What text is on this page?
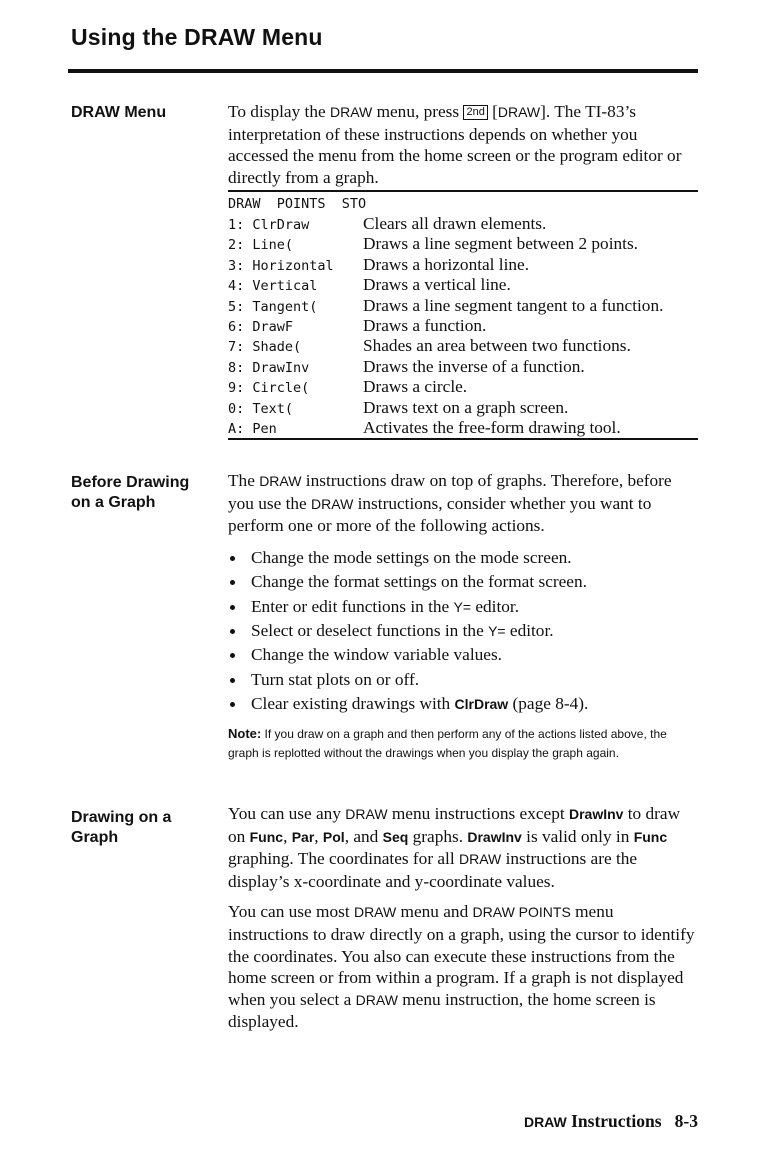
Using the DRAW Menu
DRAW Menu	To display the DRAW menu, press 2nd [DRAW]. The TI-83’s interpretation of these instructions depends on whether you accessed the menu from the home screen or the program editor or directly from a graph.

DRAW  POINTS  STO
1: ClrDraw	Clears all drawn elements.
2: Line(	Draws a line segment between 2 points.
3: Horizontal	Draws a horizontal line.
4: Vertical	Draws a vertical line.
5: Tangent(	Draws a line segment tangent to a function.
6: DrawF	Draws a function.
7: Shade(	Shades an area between two functions.
8: DrawInv	Draws the inverse of a function.
9: Circle(	Draws a circle.
0: Text(	Draws text on a graph screen.
A: Pen	Activates the free-form drawing tool.
Before Drawing
on a Graph

The DRAW instructions draw on top of graphs. Therefore, before you use the DRAW instructions, consider whether you want to perform one or more of the following actions.

Change the mode settings on the mode screen.
Change the format settings on the format screen.
Enter or edit functions in the Y= editor.
Select or deselect functions in the Y= editor.
Change the window variable values.
Turn stat plots on or off.
Clear existing drawings with ClrDraw (page 8-4).
Note: If you draw on a graph and then perform any of the actions listed above, the graph is replotted without the drawings when you display the graph again.
Drawing on a
Graph

You can use any DRAW menu instructions except DrawInv to draw on Func, Par, Pol, and Seq graphs. DrawInv is valid only in Func graphing. The coordinates for all DRAW instructions are the display’s x-coordinate and y-coordinate values.

You can use most DRAW menu and DRAW POINTS menu instructions to draw directly on a graph, using the cursor to identify the coordinates. You also can execute these instructions from the home screen or from within a program. If a graph is not displayed when you select a DRAW menu instruction, the home screen is displayed.

DRAW Instructions 8-3
